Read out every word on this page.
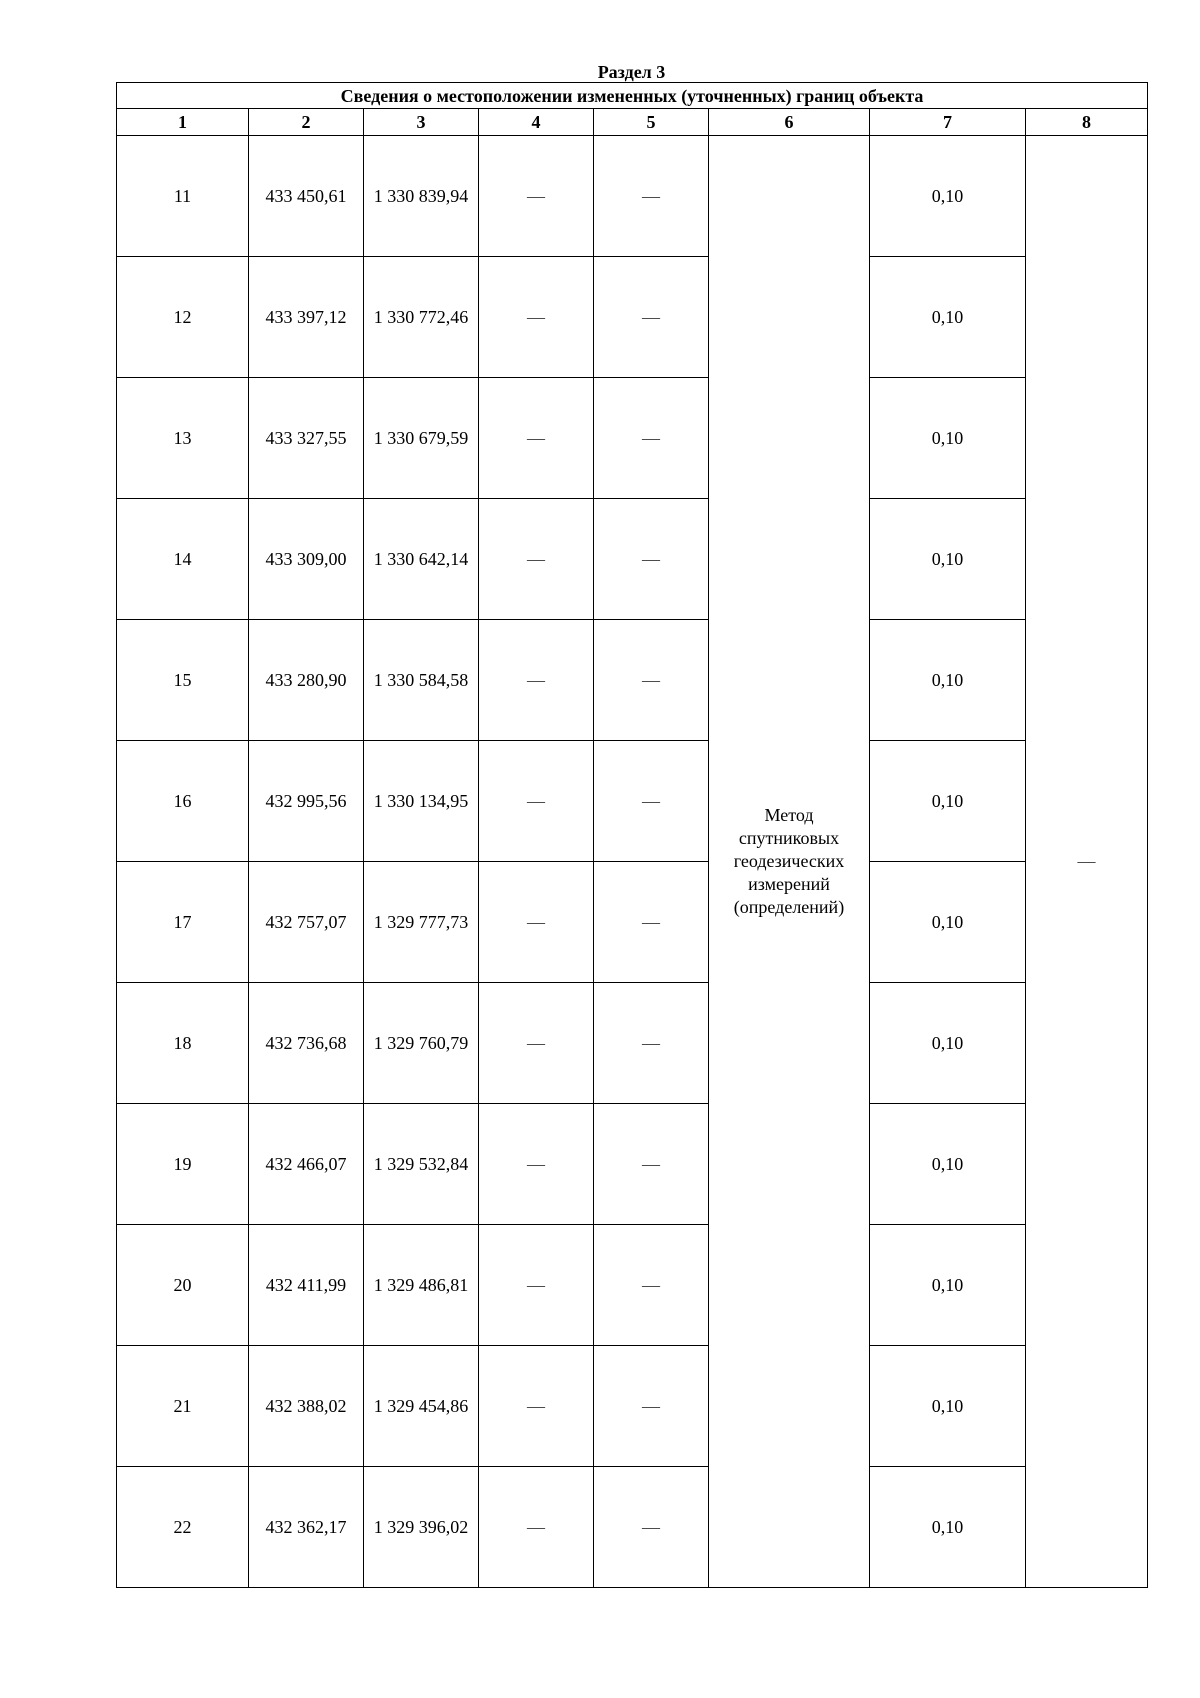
Раздел 3
Сведения о местоположении измененных (уточненных) границ объекта							
1	2	3	4	5	6	7	8
11	433 450,61	1 330 839,94	—	—	Метод
спутниковых
геодезических
измерений
(определений)	0,10	—
12	433 397,12	1 330 772,46	—	—		0,10	
13	433 327,55	1 330 679,59	—	—		0,10	
14	433 309,00	1 330 642,14	—	—		0,10	
15	433 280,90	1 330 584,58	—	—		0,10	
16	432 995,56	1 330 134,95	—	—		0,10	
17	432 757,07	1 329 777,73	—	—		0,10	
18	432 736,68	1 329 760,79	—	—		0,10	
19	432 466,07	1 329 532,84	—	—		0,10	
20	432 411,99	1 329 486,81	—	—		0,10	
21	432 388,02	1 329 454,86	—	—		0,10	
22	432 362,17	1 329 396,02	—	—		0,10	
